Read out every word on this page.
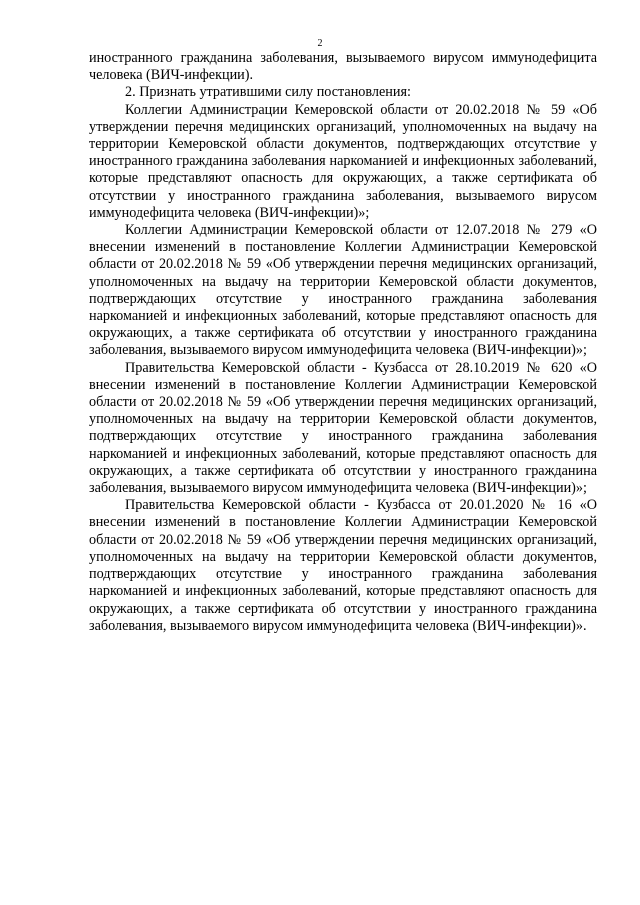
2

иностранного гражданина заболевания, вызываемого вирусом иммунодефицита человека (ВИЧ-инфекции).

2. Признать утратившими силу постановления:

Коллегии Администрации Кемеровской области от 20.02.2018 № 59 «Об утверждении перечня медицинских организаций, уполномоченных на выдачу на территории Кемеровской области документов, подтверждающих отсутствие у иностранного гражданина заболевания наркоманией и инфекционных заболеваний, которые представляют опасность для окружающих, а также сертификата об отсутствии у иностранного гражданина заболевания, вызываемого вирусом иммунодефицита человека (ВИЧ-инфекции)»;

Коллегии Администрации Кемеровской области от 12.07.2018 № 279 «О внесении изменений в постановление Коллегии Администрации Кемеровской области от 20.02.2018 № 59 «Об утверждении перечня медицинских организаций, уполномоченных на выдачу на территории Кемеровской области документов, подтверждающих отсутствие у иностранного гражданина заболевания наркоманией и инфекционных заболеваний, которые представляют опасность для окружающих, а также сертификата об отсутствии у иностранного гражданина заболевания, вызываемого вирусом иммунодефицита человека (ВИЧ-инфекции)»;

Правительства Кемеровской области - Кузбасса от 28.10.2019 № 620 «О внесении изменений в постановление Коллегии Администрации Кемеровской области от 20.02.2018 № 59 «Об утверждении перечня медицинских организаций, уполномоченных на выдачу на территории Кемеровской области документов, подтверждающих отсутствие у иностранного гражданина заболевания наркоманией и инфекционных заболеваний, которые представляют опасность для окружающих, а также сертификата об отсутствии у иностранного гражданина заболевания, вызываемого вирусом иммунодефицита человека (ВИЧ-инфекции)»;

Правительства Кемеровской области - Кузбасса от 20.01.2020 № 16 «О внесении изменений в постановление Коллегии Администрации Кемеровской области от 20.02.2018 № 59 «Об утверждении перечня медицинских организаций, уполномоченных на выдачу на территории Кемеровской области документов, подтверждающих отсутствие у иностранного гражданина заболевания наркоманией и инфекционных заболеваний, которые представляют опасность для окружающих, а также сертификата об отсутствии у иностранного гражданина заболевания, вызываемого вирусом иммунодефицита человека (ВИЧ-инфекции)».
